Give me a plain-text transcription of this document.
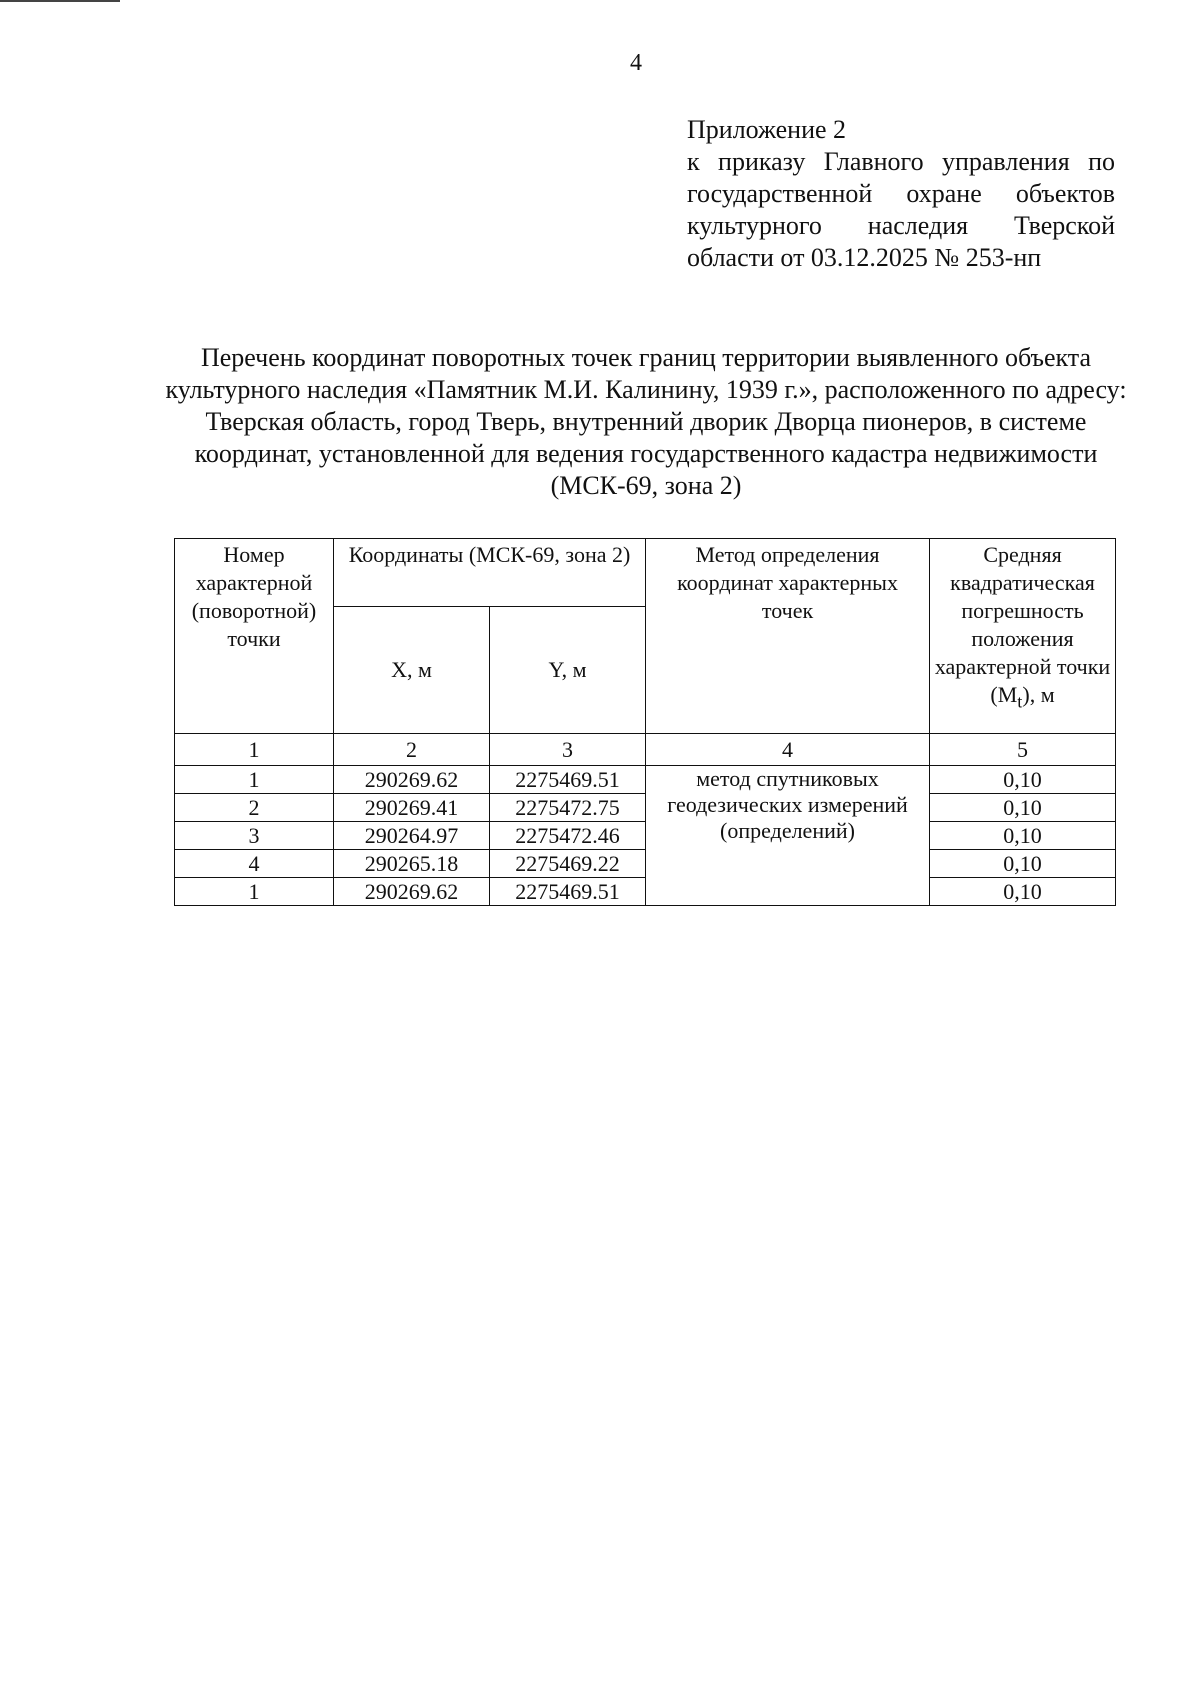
4
Приложение 2
к приказу Главного управления по государственной охране объектов культурного наследия Тверской области от 03.12.2025 № 253-нп
Перечень координат поворотных точек границ территории выявленного объекта культурного наследия «Памятник М.И. Калинину, 1939 г.», расположенного по адресу: Тверская область, город Тверь, внутренний дворик Дворца пионеров, в системе координат, установленной для ведения государственного кадастра недвижимости (МСК-69, зона 2)
Номер характерной (поворотной) точки	Координаты (МСК-69, зона 2)		Метод определения координат характерных точек	Средняя квадратическая погрешность положения характерной точки $(M_t)$, м
	X, м	Y, м		
1	2	3	4	5
1	290269.62	2275469.51	метод спутниковых геодезических измерений (определений)	0,10
2	290269.41	2275472.75		0,10
3	290264.97	2275472.46		0,10
4	290265.18	2275469.22		0,10
1	290269.62	2275469.51		0,10
